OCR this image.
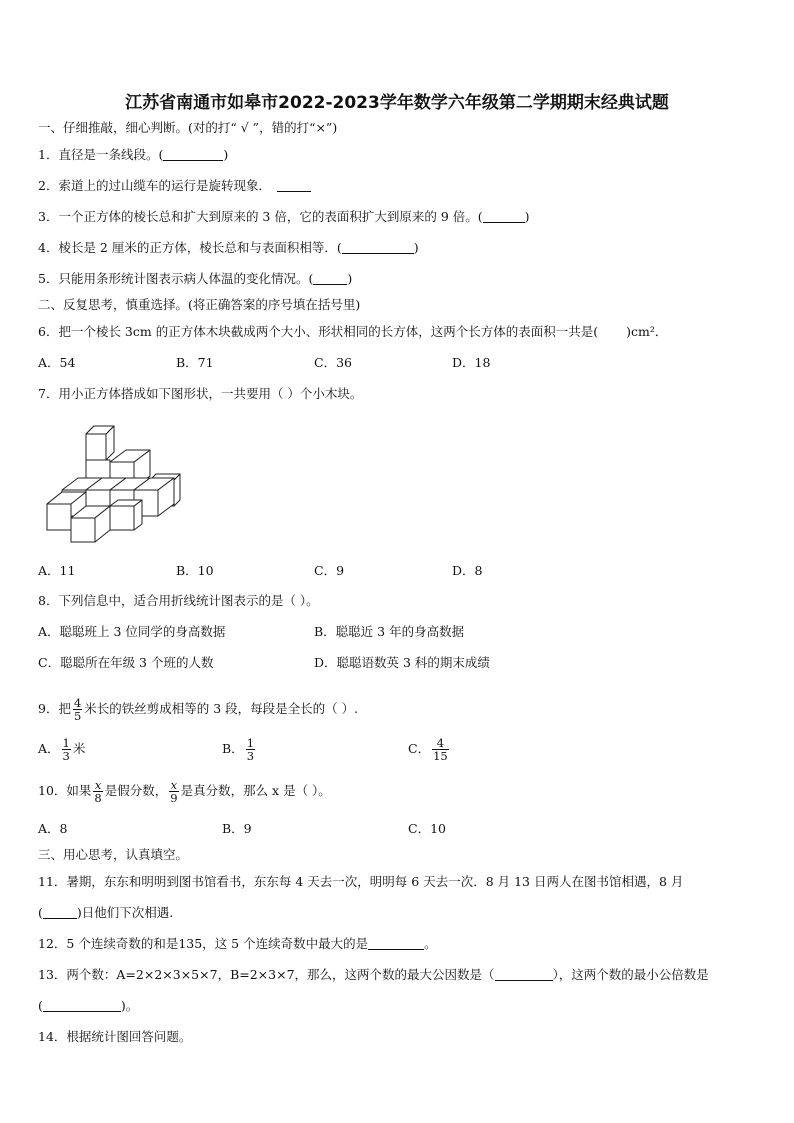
江苏省南通市如皋市2022-2023学年数学六年级第二学期期末经典试题
一、仔细推敲，细心判断。(对的打“ √ ”，错的打“×”)
1．直径是一条线段。(	)
2．索道上的过山缆车的运行是旋转现象．
3．一个正方体的棱长总和扩大到原来的 3 倍，它的表面积扩大到原来的 9 倍。(	)
4．棱长是 2 厘米的正方体，棱长总和与表面积相等．(	)
5．只能用条形统计图表示病人体温的变化情况。(	)
二、反复思考，慎重选择。(将正确答案的序号填在括号里)
6．把一个棱长 3cm 的正方体木块截成两个大小、形状相同的长方体，这两个长方体的表面积一共是( )cm²．
A．54	B．71	C．36	D．18
7．用小正方体搭成如下图形状，一共要用（ ）个小木块。
A．11	B．10	C．9	D．8
8．下列信息中，适合用折线统计图表示的是（ ）。
A．聪聪班上 3 位同学的身高数据	B．聪聪近 3 年的身高数据
C．聪聪所在年级 3 个班的人数	D．聪聪语数英 3 科的期末成绩
9．把 $\frac{4}{5}$ 米长的铁丝剪成相等的 3 段，每段是全长的（ ）.
A． $\frac{1}{3}$ 米	B． $\frac{1}{3}$	C． $\frac{4}{15}$
10．如果 $\frac{x}{8}$ 是假分数， $\frac{x}{9}$ 是真分数，那么 x 是（ ）。
A．8	B．9	C．10
三、用心思考，认真填空。
11．暑期，东东和明明到图书馆看书，东东每 4 天去一次，明明每 6 天去一次．8 月 13 日两人在图书馆相遇，8 月
(	)日他们下次相遇.
12．5 个连续奇数的和是135，这 5 个连续奇数中最大的是	。
13．两个数：A=2×2×3×5×7，B=2×3×7，那么，这两个数的最大公因数是（	），这两个数的最小公倍数是
(	)。
14．根据统计图回答问题。
